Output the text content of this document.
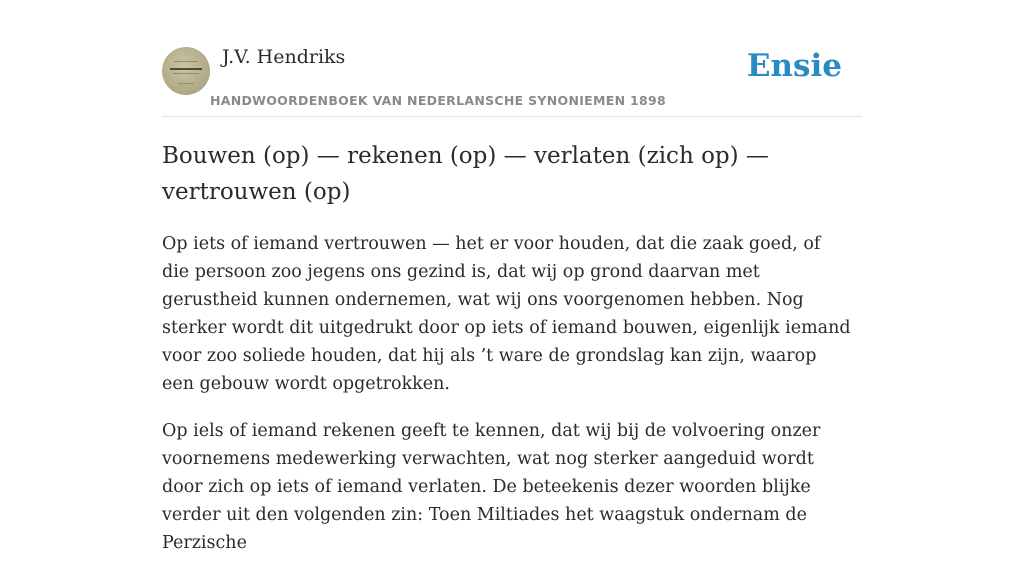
J.V. Hendriks
HANDWOORDENBOEK VAN NEDERLANSCHE SYNONIEMEN 1898
Ensie
Bouwen (op) — rekenen (op) — verlaten (zich op) —vertrouwen (op)

Op iets of iemand vertrouwen — het er voor houden, dat die zaak goed, of die persoon zoo jegens ons gezind is, dat wij op grond daarvan met gerustheid kunnen ondernemen, wat wij ons voorgenomen hebben. Nog sterker wordt dit uitgedrukt door op iets of iemand bouwen, eigenlijk iemand voor zoo soliede houden, dat hij als ’t ware de grondslag kan zijn, waarop een gebouw wordt opgetrokken.

Op iels of iemand rekenen geeft te kennen, dat wij bij de volvoering onzer voornemens medewerking verwachten, wat nog sterker aangeduid wordt door zich op iets of iemand verlaten. De beteekenis dezer woorden blijke verder uit den volgenden zin: Toen Miltiades het waagstuk ondernam de Perzische
